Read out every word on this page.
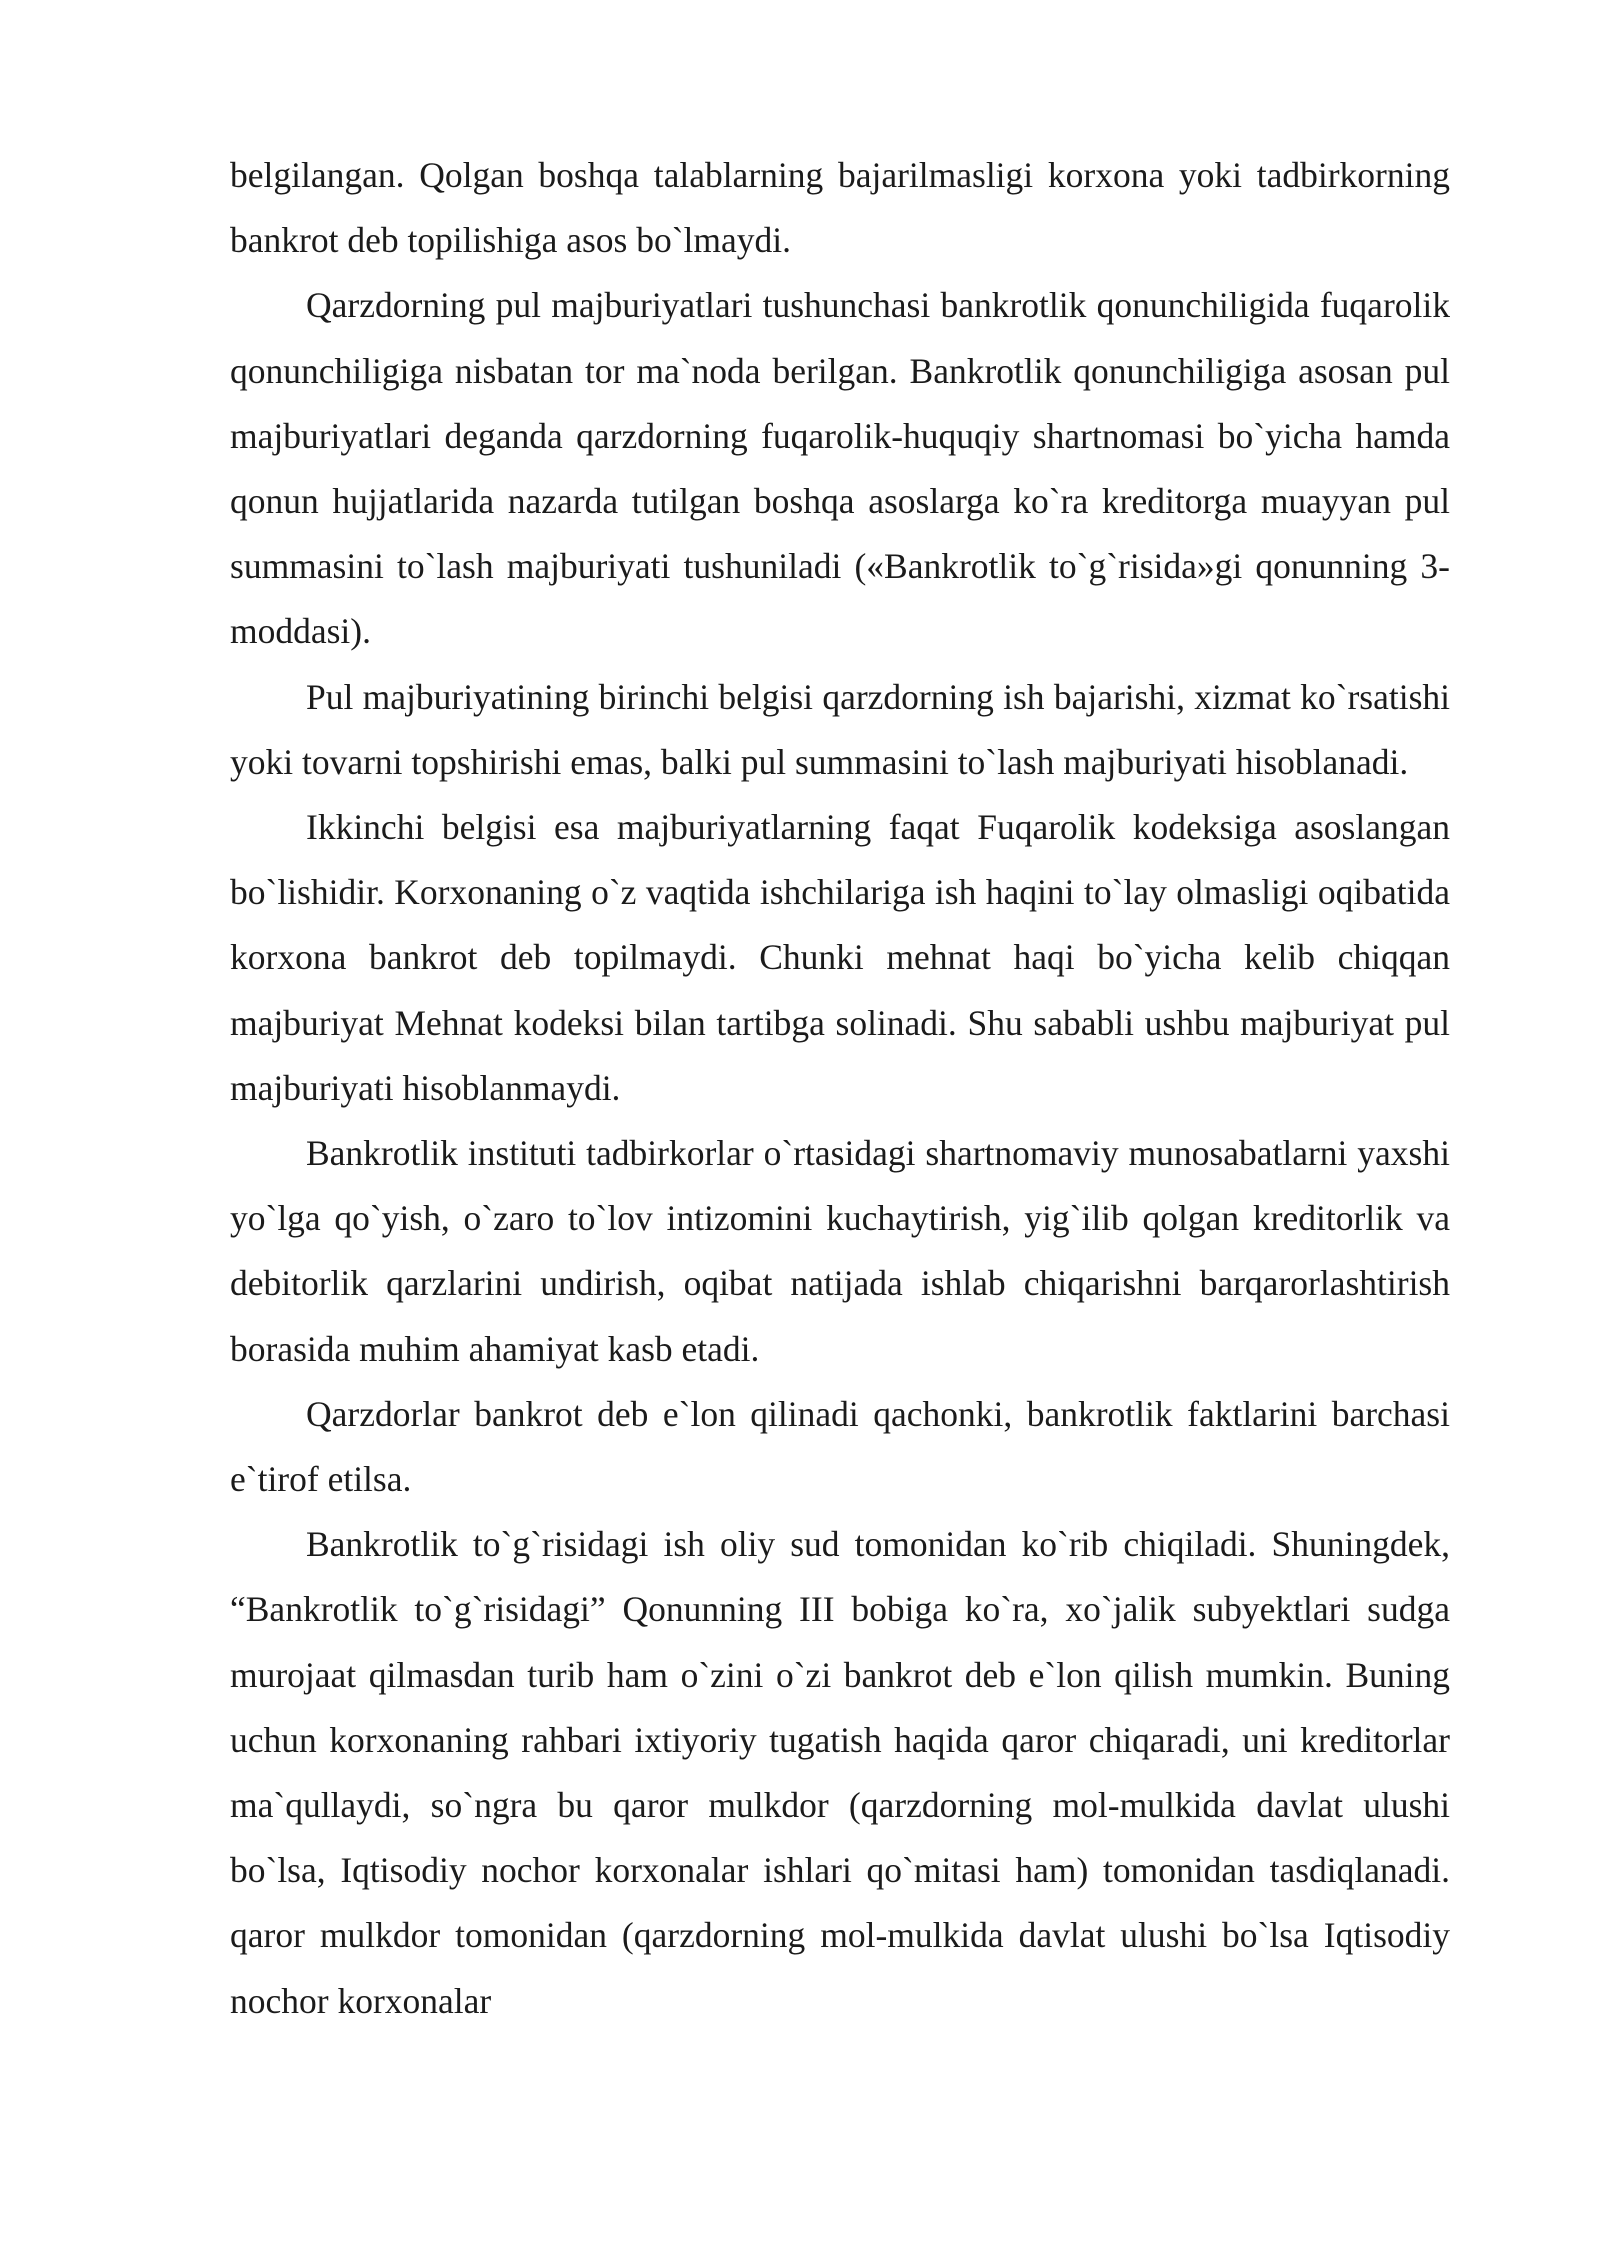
belgilangan. Qolgan boshqa talablarning bajarilmasligi korxona yoki tadbirkorning bankrot deb topilishiga asos bo`lmaydi.

Qarzdorning pul majburiyatlari tushunchasi bankrotlik qonunchiligida fuqarolik qonunchiligiga nisbatan tor ma`noda berilgan. Bankrotlik qonunchiligiga asosan pul majburiyatlari deganda qarzdorning fuqarolik-huquqiy shartnomasi bo`yicha hamda qonun hujjatlarida nazarda tutilgan boshqa asoslarga ko`ra kreditorga muayyan pul summasini to`lash majburiyati tushuniladi («Bankrotlik to`g`risida»gi qonunning 3-moddasi).

Pul majburiyatining birinchi belgisi qarzdorning ish bajarishi, xizmat ko`rsatishi yoki tovarni topshirishi emas, balki pul summasini to`lash majburiyati hisoblanadi.

Ikkinchi belgisi esa majburiyatlarning faqat Fuqarolik kodeksiga asoslangan bo`lishidir. Korxonaning o`z vaqtida ishchilariga ish haqini to`lay olmasligi oqibatida korxona bankrot deb topilmaydi. Chunki mehnat haqi bo`yicha kelib chiqqan majburiyat Mehnat kodeksi bilan tartibga solinadi. Shu sababli ushbu majburiyat pul majburiyati hisoblanmaydi.

Bankrotlik instituti tadbirkorlar o`rtasidagi shartnomaviy munosabatlarni yaxshi yo`lga qo`yish, o`zaro to`lov intizomini kuchaytirish, yig`ilib qolgan kreditorlik va debitorlik qarzlarini undirish, oqibat natijada ishlab chiqarishni barqarorlashtirish borasida muhim ahamiyat kasb etadi.

Qarzdorlar bankrot deb e`lon qilinadi qachonki, bankrotlik faktlarini barchasi e`tirof etilsa.

Bankrotlik to`g`risidagi ish oliy sud tomonidan ko`rib chiqiladi. Shuningdek, “Bankrotlik to`g`risidagi” Qonunning III bobiga ko`ra, xo`jalik subyektlari sudga murojaat qilmasdan turib ham o`zini o`zi bankrot deb e`lon qilish mumkin. Buning uchun korxonaning rahbari ixtiyoriy tugatish haqida qaror chiqaradi, uni kreditorlar ma`qullaydi, so`ngra bu qaror mulkdor (qarzdorning mol-mulkida davlat ulushi bo`lsa, Iqtisodiy nochor korxonalar ishlari qo`mitasi ham) tomonidan tasdiqlanadi. qaror mulkdor tomonidan (qarzdorning mol-mulkida davlat ulushi bo`lsa Iqtisodiy nochor korxonalar
